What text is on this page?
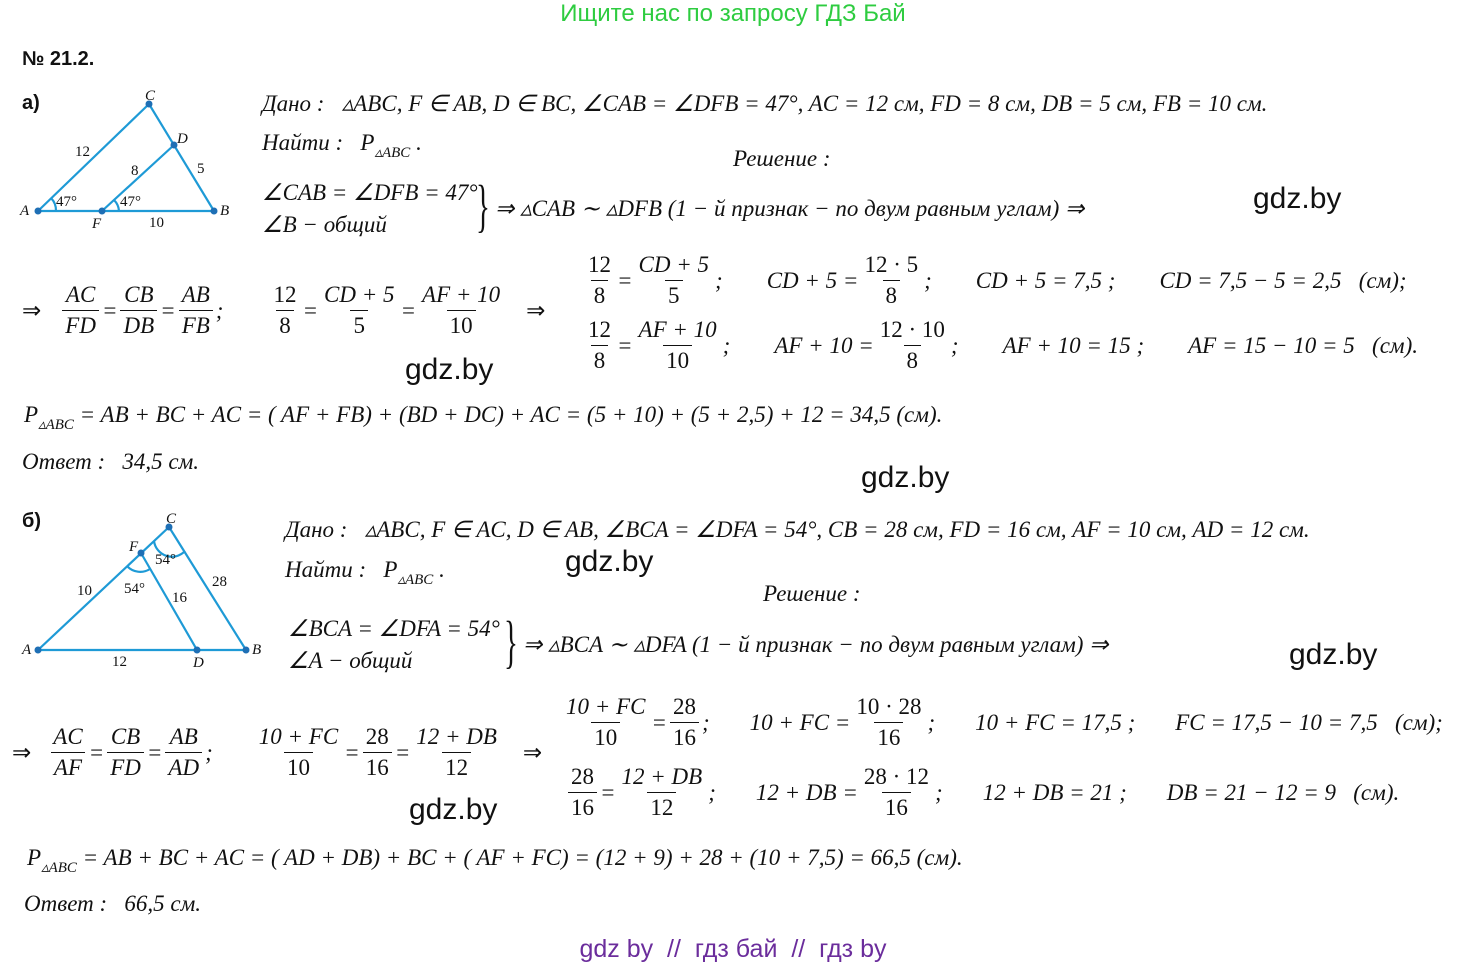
Ищите нас по запросу ГДЗ Бай
№ 21.2.
а)
A	B
C
D
F
12
8	5
10
47°	47°
Дано : ▵ABC, F ∈ AB, D ∈ BC, ∠CAB = ∠DFB = 47°, AC = 12 см, FD = 8 см, DB = 5 см, FB = 10 см.
Найти : $P_{▵ABC}$ .
Решение :
∠CAB = ∠DFB = 47°
∠B − общий } ⇒ ▵CAB ∼ ▵DFB (1 − й признак − по двум равным углам) ⇒	gdz.by
⇒ $\frac{AC}{FD} = \frac{CB}{DB} = \frac{AB}{FB}$ ; $\frac{12}{8} = \frac{CD + 5}{5} = \frac{AF + 10}{10}$ ⇒ $\frac{12}{8} = \frac{CD + 5}{5}$ ;
CD + $5 = \frac{12 \cdot 5}{8}$ ;
CD + 5 = 7,5 ;
CD = 7,5 − 5 = 2,5   (см);
$\frac{12}{8} = \frac{AF + 10}{10}$ ;
AF + $10 = \frac{12 \cdot 10}{8}$ ;
AF + 10 = 15 ;
AF = 15 − 10 = 5   (см).
gdz.by
$P_{▵ABC}$ = AB + BC + AC = ( AF + FB) + (BD + DC) + AC = (5 + 10) + (5 + 2,5) + 12 = 34,5 (см).
Ответ : 34,5 см.	gdz.by
б)
A	B
C
D
F
10	16
28
12
54°
54°
Дано : ▵ABC, F ∈ AC, D ∈ AB, ∠BCA = ∠DFA = 54°, CB = 28 см, FD = 16 см, AF = 10 см, AD = 12 см.
Найти : $P_{▵ABC}$ .	gdz.by
Решение :
∠BCA = ∠DFA = 54°
∠A − общий } ⇒ ▵BCA ∼ ▵DFA (1 − й признак − по двум равным углам) ⇒	gdz.by
⇒ $\frac{AC}{AF} = \frac{CB}{FD} = \frac{AB}{AD}$ ; $\frac{10 + FC}{10} = \frac{28}{16} = \frac{12 + DB}{12}$ ⇒ $\frac{10 + FC}{10} = \frac{28}{16}$ ;
10 + FC = $\frac{10 \cdot 28}{16}$ ;
10 + FC = 17,5 ;
FC = 17,5 − 10 = 7,5   (см);
$\frac{28}{16} = \frac{12 + DB}{12}$ ;
12 + DB = $\frac{28 \cdot 12}{16}$ ;
12 + DB = 21 ;
DB = 21 − 12 = 9   (см).
gdz.by
$P_{▵ABC}$ = AB + BC + AC = ( AD + DB) + BC + ( AF + FC) = (12 + 9) + 28 + (10 + 7,5) = 66,5 (см).
Ответ : 66,5 см.
gdz by  //  гдз бай  //  гдз by
